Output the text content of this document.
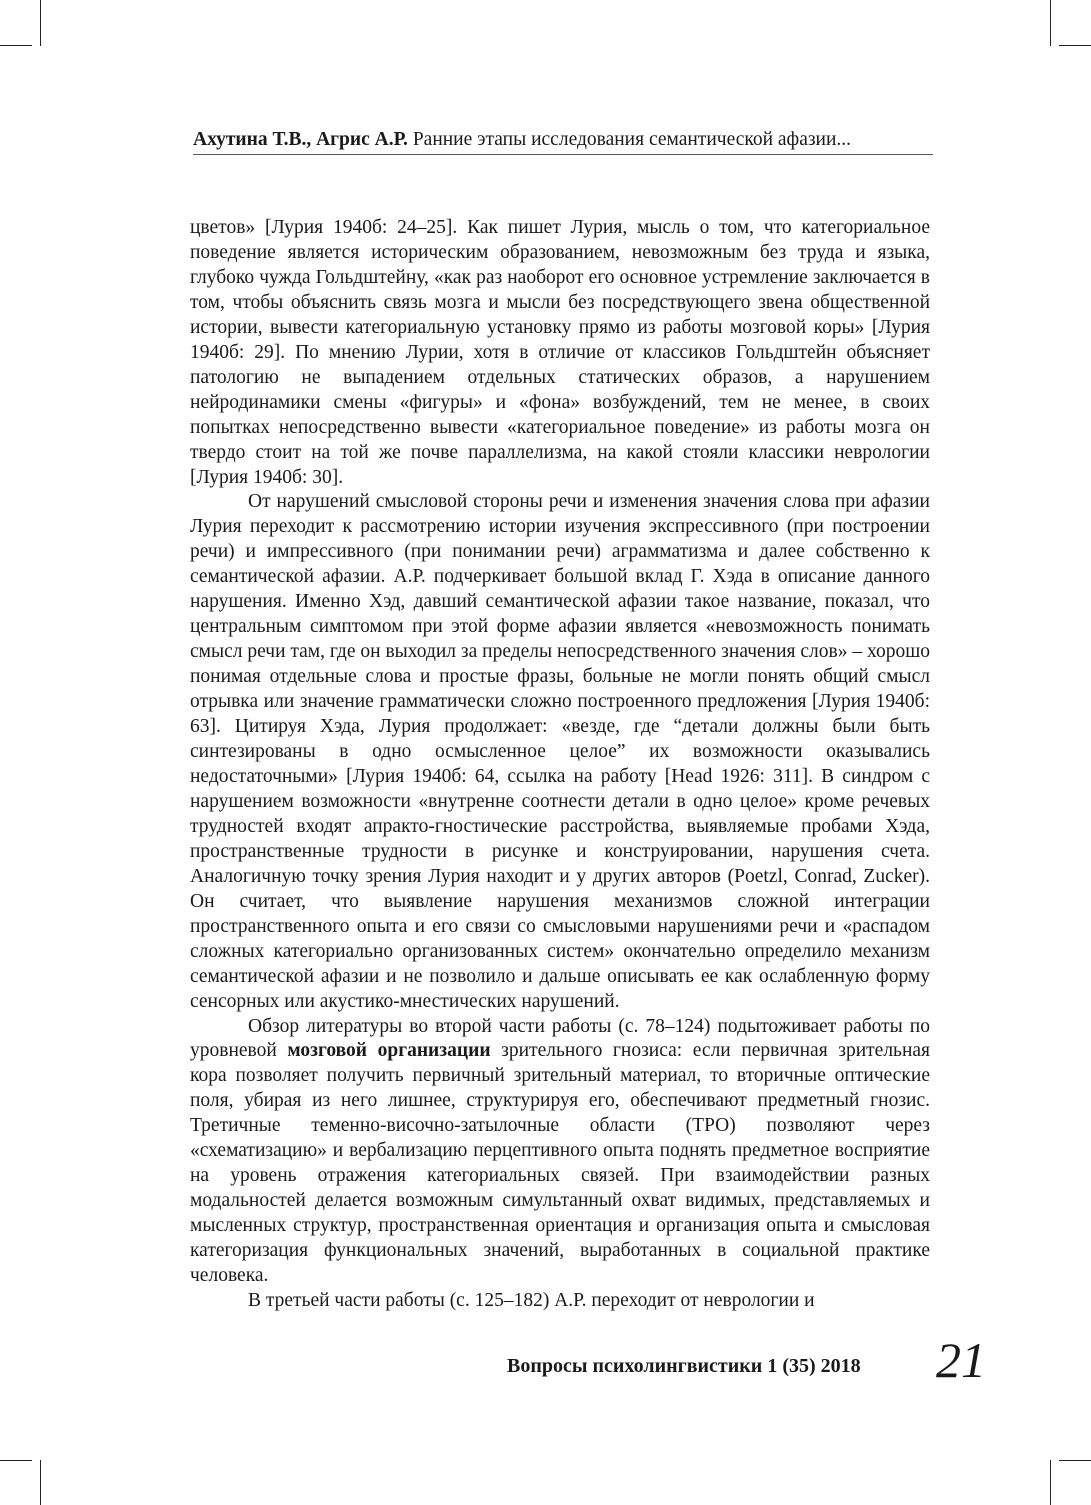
Ахутина Т.В., Агрис А.Р. Ранние этапы исследования семантической афазии...

цветов» [Лурия 1940б: 24–25]. Как пишет Лурия, мысль о том, что категориальное поведение является историческим образованием, невозможным без труда и языка, глубоко чужда Гольдштейну, «как раз наоборот его основное устремление заключается в том, чтобы объяснить связь мозга и мысли без посредствующего звена общественной истории, вывести категориальную установку прямо из работы мозговой коры» [Лурия 1940б: 29]. По мнению Лурии, хотя в отличие от классиков Гольдштейн объясняет патологию не выпадением отдельных статических образов, а нарушением нейродинамики смены «фигуры» и «фона» возбуждений, тем не менее, в своих попытках непосредственно вывести «категориальное поведение» из работы мозга он твердо стоит на той же почве параллелизма, на какой стояли классики неврологии [Лурия 1940б: 30].

От нарушений смысловой стороны речи и изменения значения слова при афазии Лурия переходит к рассмотрению истории изучения экспрессивного (при построении речи) и импрессивного (при понимании речи) аграмматизма и далее собственно к семантической афазии. А.Р. подчеркивает большой вклад Г. Хэда в описание данного нарушения. Именно Хэд, давший семантической афазии такое название, показал, что центральным симптомом при этой форме афазии является «невозможность понимать смысл речи там, где он выходил за пределы непосредственного значения слов» – хорошо понимая отдельные слова и простые фразы, больные не могли понять общий смысл отрывка или значение грамматически сложно построенного предложения [Лурия 1940б: 63]. Цитируя Хэда, Лурия продолжает: «везде, где “детали должны были быть синтезированы в одно осмысленное целое” их возможности оказывались недостаточными» [Лурия 1940б: 64, ссылка на работу [Head 1926: 311]. В синдром с нарушением возможности «внутренне соотнести детали в одно целое» кроме речевых трудностей входят апракто-гностические расстройства, выявляемые пробами Хэда, пространственные трудности в рисунке и конструировании, нарушения счета. Аналогичную точку зрения Лурия находит и у других авторов (Poetzl, Conrad, Zucker). Он считает, что выявление нарушения механизмов сложной интеграции пространственного опыта и его связи со смысловыми нарушениями речи и «распадом сложных категориально организованных систем» окончательно определило механизм семантической афазии и не позволило и дальше описывать ее как ослабленную форму сенсорных или акустико-мнестических нарушений.

Обзор литературы во второй части работы (с. 78–124) подытоживает работы по уровневой мозговой организации зрительного гнозиса: если первичная зрительная кора позволяет получить первичный зрительный материал, то вторичные оптические поля, убирая из него лишнее, структурируя его, обеспечивают предметный гнозис. Третичные теменно-височно-затылочные области (ТРО) позволяют через «схематизацию» и вербализацию перцептивного опыта поднять предметное восприятие на уровень отражения категориальных связей. При взаимодействии разных модальностей делается возможным симультанный охват видимых, представляемых и мысленных структур, пространственная ориентация и организация опыта и смысловая категоризация функциональных значений, выработанных в социальной практике человека.

В третьей части работы (с. 125–182) А.Р. переходит от неврологии и

Вопросы психолингвистики 1 (35) 2018 21
